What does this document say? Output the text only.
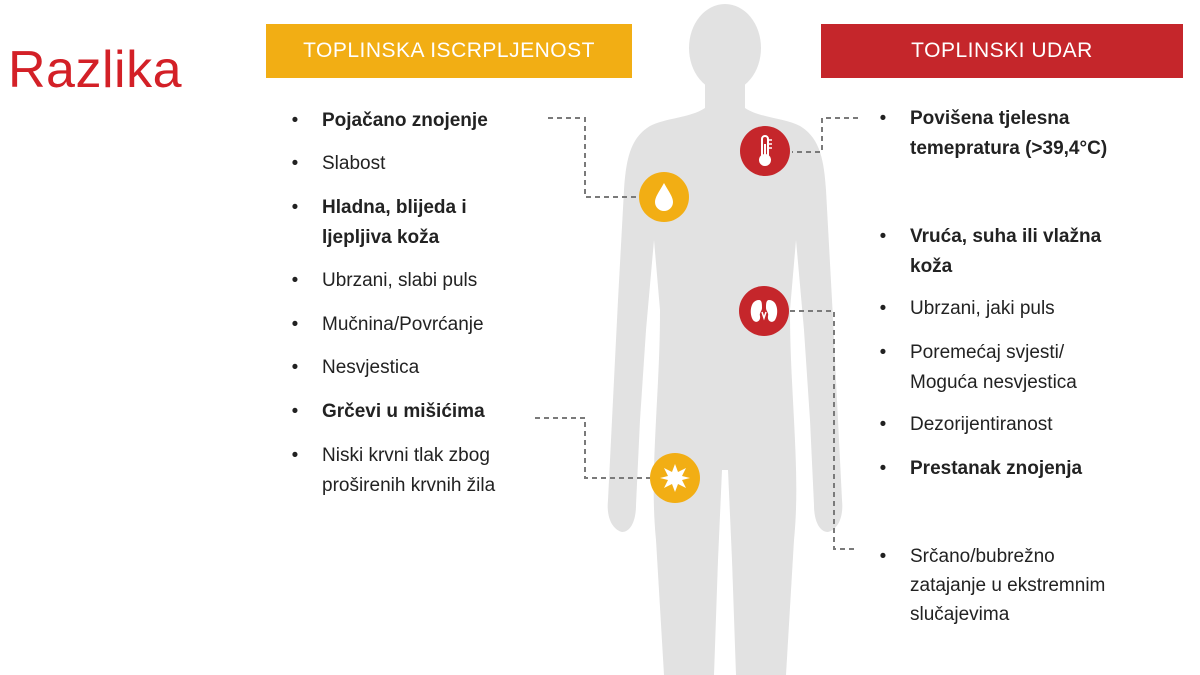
Razlika	TOPLINSKA ISCRPLJENOST	TOPLINSKI UDAR
• Pojačano znojenje
• Slabost
• Hladna, blijeda i
ljepljiva koža
• Ubrzani, slabi puls
• Mučnina/Povrćanje
• Nesvjestica
• Grčevi u mišićima
• Niski krvni tlak zbog
proširenih krvnih žila
• Povišena tjelesna
temepratura (>39,4°C)
• Vruća, suha ili vlažna
koža
• Ubrzani, jaki puls
• Poremećaj svjesti/
Moguća nesvjestica
• Dezorijentiranost
• Prestanak znojenja
• Srčano/bubrežno
zatajanje u ekstremnim
slučajevima
